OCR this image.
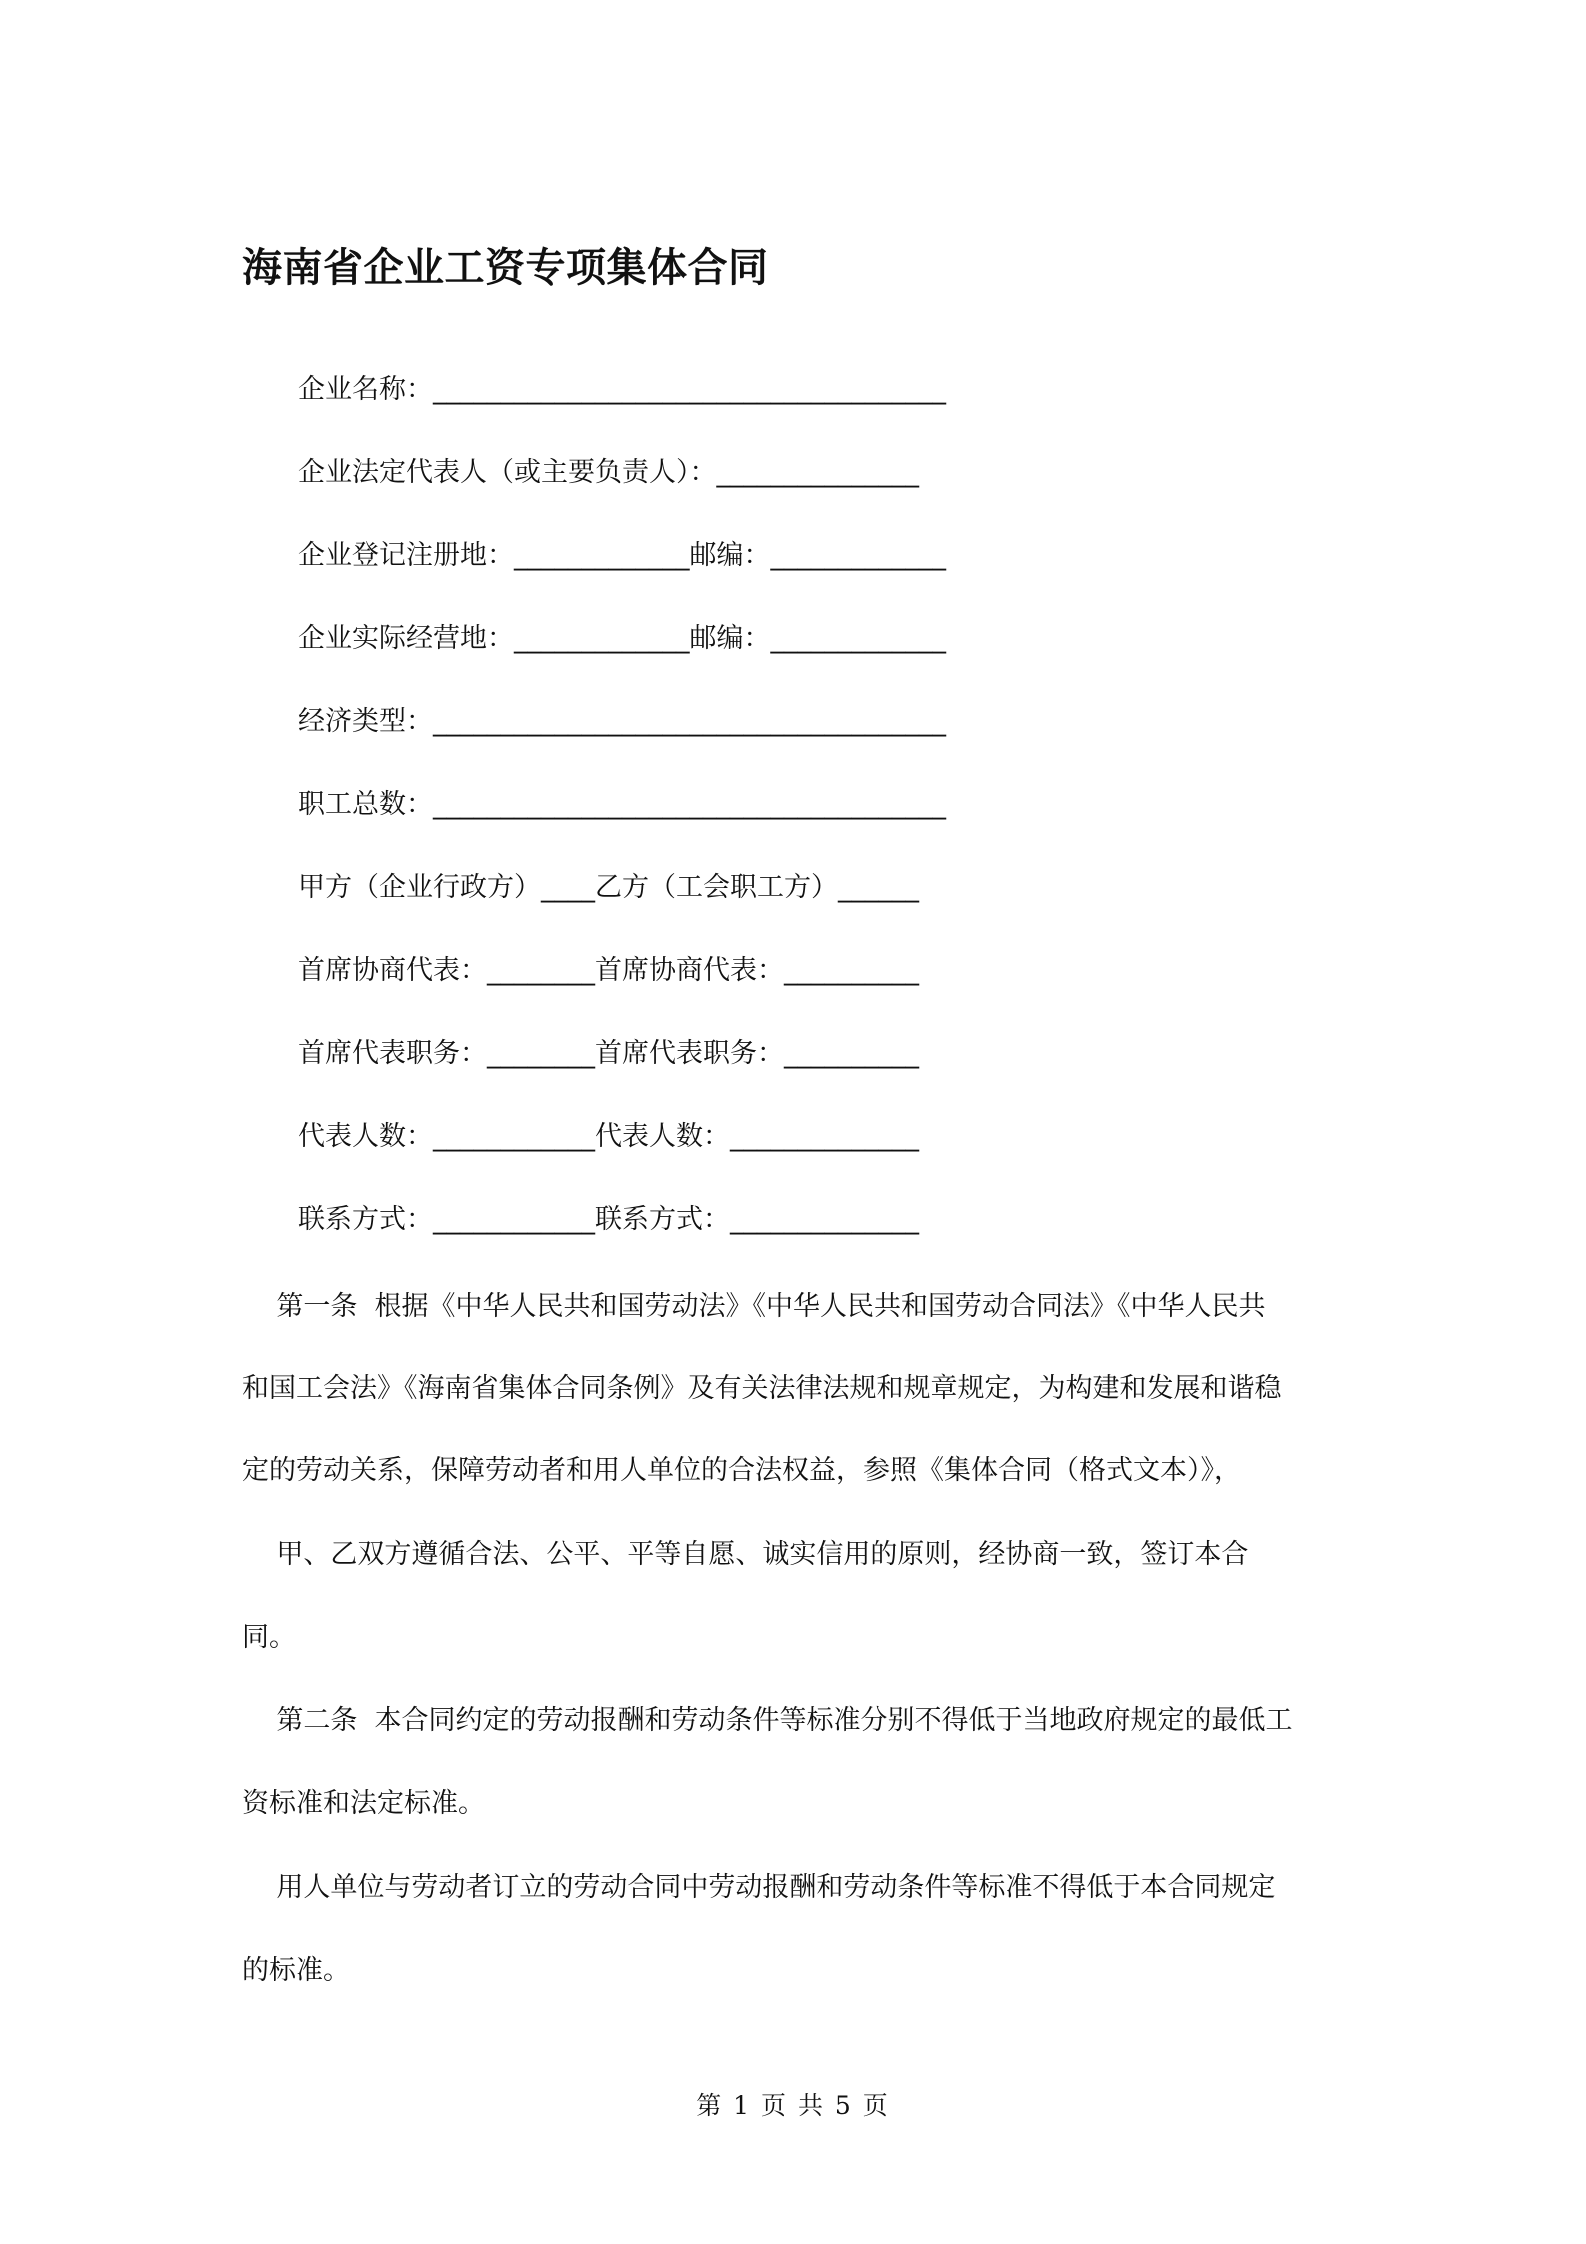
海南省企业工资专项集体合同
企业名称：______________________________________
企业法定代表人（或主要负责人）：_______________
企业登记注册地：_____________邮编：_____________
企业实际经营地：_____________邮编：_____________
经济类型：______________________________________
职工总数：______________________________________
甲方（企业行政方）____乙方（工会职工方）______
首席协商代表：________首席协商代表：__________
首席代表职务：________首席代表职务：__________
代表人数：____________代表人数：______________
联系方式：____________联系方式：______________
第一条  根据《中华人民共和国劳动法》《中华人民共和国劳动合同法》《中华人民共
和国工会法》《海南省集体合同条例》及有关法律法规和规章规定，为构建和发展和谐稳
定的劳动关系，保障劳动者和用人单位的合法权益，参照《集体合同（格式文本）》，
甲、乙双方遵循合法、公平、平等自愿、诚实信用的原则，经协商一致，签订本合
同。
第二条  本合同约定的劳动报酬和劳动条件等标准分别不得低于当地政府规定的最低工
资标准和法定标准。
用人单位与劳动者订立的劳动合同中劳动报酬和劳动条件等标准不得低于本合同规定
的标准。
第 1 页 共 5 页
